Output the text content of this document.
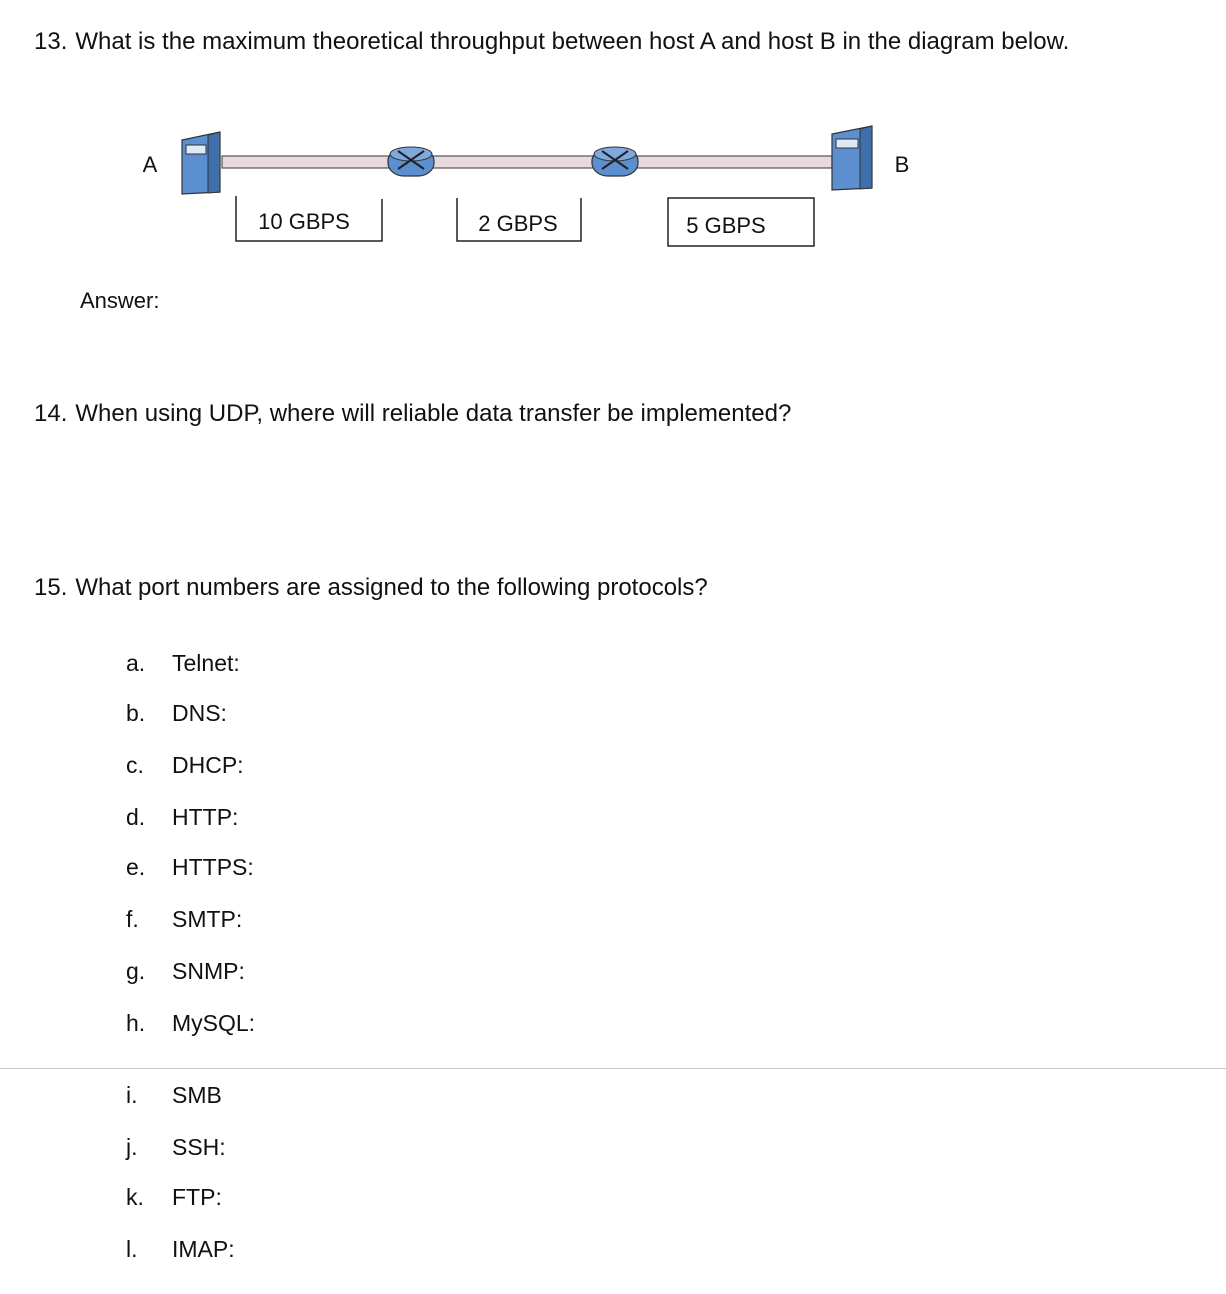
13. What is the maximum theoretical throughput between host A and host B in the diagram below.
A	B
10 GBPS	2 GBPS	5 GBPS
Answer:
14. When using UDP, where will reliable data transfer be implemented?
15. What port numbers are assigned to the following protocols?
a. Telnet:
b. DNS:
c. DHCP:
d. HTTP:
e. HTTPS:
f. SMTP:
g. SNMP:
h. MySQL:
i. SMB
j. SSH:
k. FTP:
l. IMAP:
